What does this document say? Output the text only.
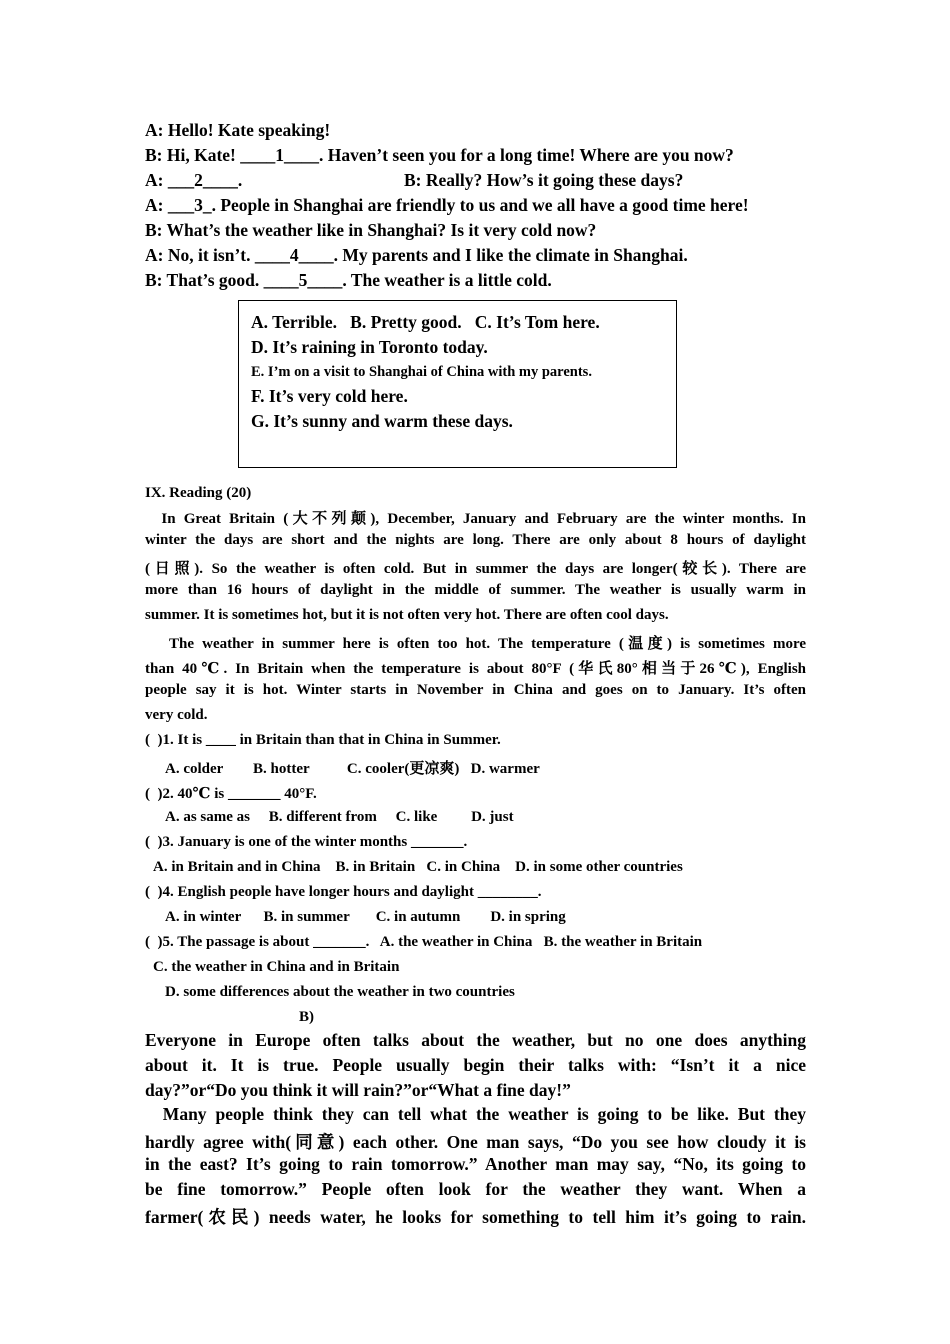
A: Hello! Kate speaking!
B: Hi, Kate! ____1____. Haven’t seen you for a long time! Where are you now?
A: ___2____.	B: Really? How’s it going these days?
A: ___3_. People in Shanghai are friendly to us and we all have a good time here!
B: What’s the weather like in Shanghai? Is it very cold now?
A: No, it isn’t. ____4____. My parents and I like the climate in Shanghai.
B: That’s good. ____5____. The weather is a little cold.
A. Terrible.   B. Pretty good.   C. It’s Tom here.
D. It’s raining in Toronto today.
E. I’m on a visit to Shanghai of China with my parents.
F. It’s very cold here.
G. It’s sunny and warm these days.
IX. Reading (20)
In Great Britain (大不列颠), December, January and February are the winter months. In
winter the days are short and the nights are long. There are only about 8 hours of daylight
(日照). So the weather is often cold. But in summer the days are longer(较长). There are
more than 16 hours of daylight in the middle of summer. The weather is usually warm in
summer. It is sometimes hot, but it is not often very hot. There are often cool days.
The weather in summer here is often too hot. The temperature (温度) is sometimes more
than 40℃. In Britain when the temperature is about 80°F (华氏80°相当于26℃), English
people say it is hot. Winter starts in November in China and goes on to January. It’s often
very cold.
(  )1. It is ____ in Britain than that in China in Summer.
A. colder        B. hotter          C. cooler(更凉爽)   D. warmer
(  )2. 40℃ is _______ 40°F.
A. as same as     B. different from     C. like         D. just
(  )3. January is one of the winter months _______.
A. in Britain and in China    B. in Britain   C. in China    D. in some other countries
(  )4. English people have longer hours and daylight ________.
A. in winter      B. in summer       C. in autumn        D. in spring
(  )5. The passage is about _______.   A. the weather in China   B. the weather in Britain
C. the weather in China and in Britain
D. some differences about the weather in two countries
B)
Everyone in Europe often talks about the weather, but no one does anything
about it. It is true. People usually begin their talks with: “Isn’t it a nice
day?”or“Do you think it will rain?”or“What a fine day!”
Many people think they can tell what the weather is going to be like. But they
hardly agree with(同意) each other. One man says, “Do you see how cloudy it is
in the east? It’s going to rain tomorrow.” Another man may say, “No, its going to
be fine tomorrow.” People often look for the weather they want. When a
farmer(农民) needs water, he looks for something to tell him it’s going to rain.
